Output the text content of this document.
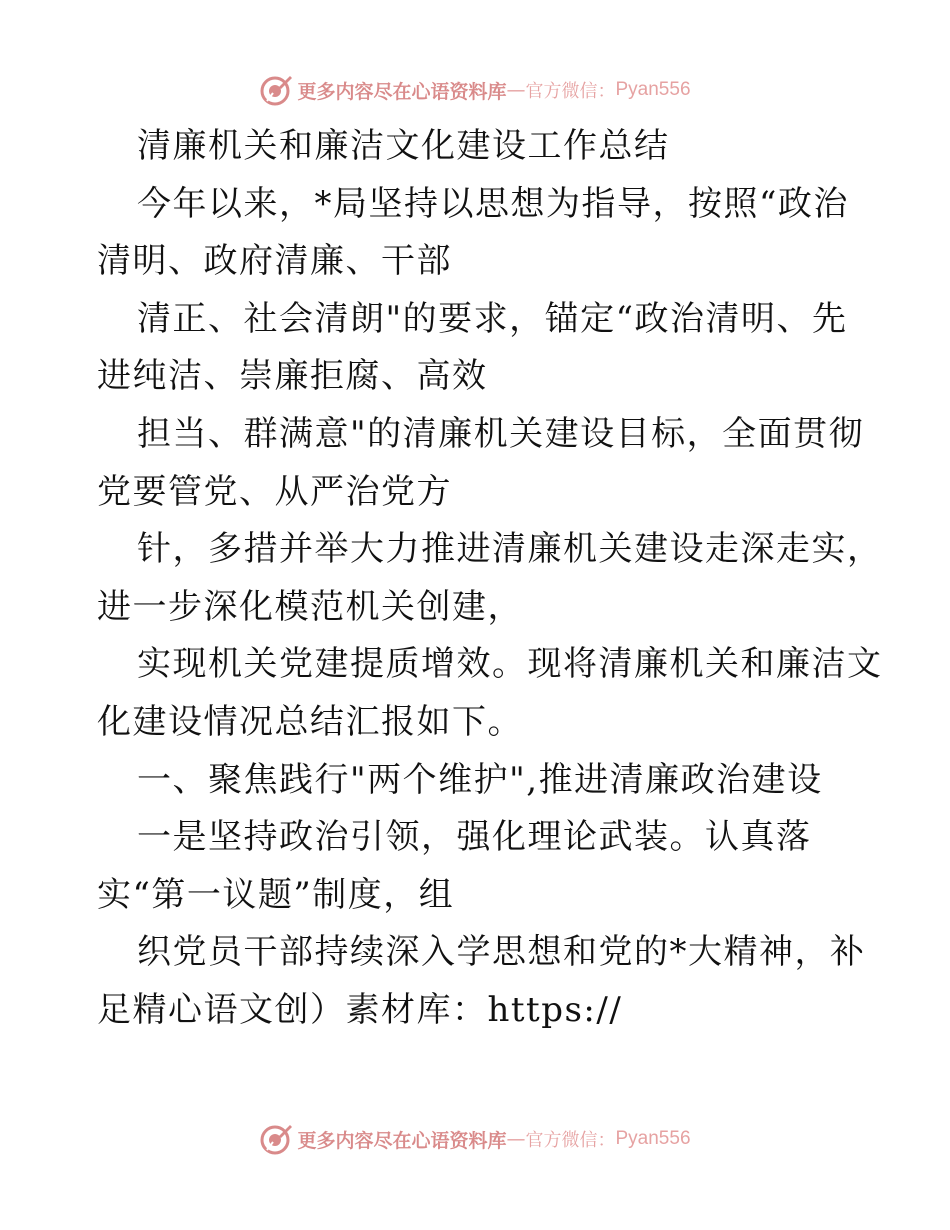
更多内容尽在心语资料库 — 官方微信： Pyan556
清廉机关和廉洁文化建设工作总结
今年以来，*局坚持以思想为指导，按照“政治
清明、政府清廉、干部
清正、社会清朗"的要求，锚定“政治清明、先
进纯洁、崇廉拒腐、高效
担当、群满意"的清廉机关建设目标，全面贯彻
党要管党、从严治党方
针，多措并举大力推进清廉机关建设走深走实，
进一步深化模范机关创建，
实现机关党建提质增效。现将清廉机关和廉洁文
化建设情况总结汇报如下。
一、聚焦践行"两个维护",推进清廉政治建设
一是坚持政治引领，强化理论武装。认真落
实“第一议题”制度，组
织党员干部持续深入学思想和党的*大精神，补
足精心语文创）素材库：https://
更多内容尽在心语资料库 — 官方微信： Pyan556
